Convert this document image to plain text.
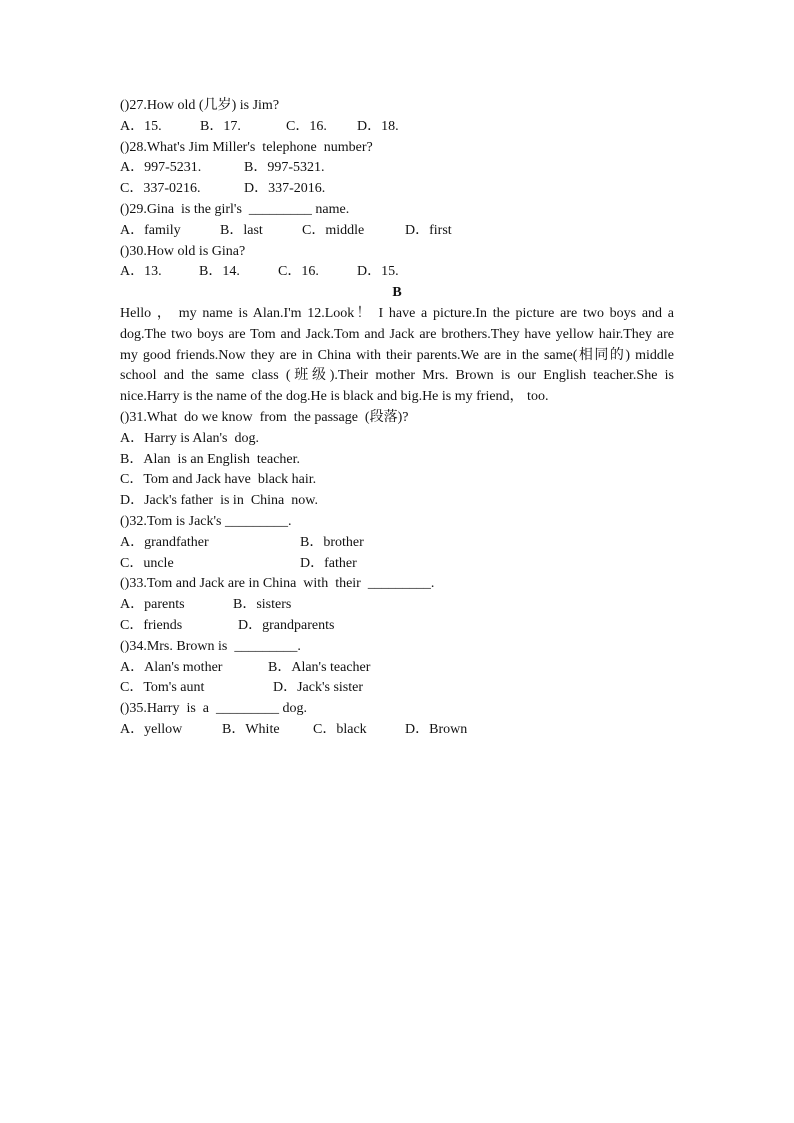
()27.How old (几岁) is Jim?
A．15.	B．17.	C．16.	D．18.
()28.What's Jim Miller's  telephone  number?
A．997-5231.	B．997-5321.
C．337-0216.	D．337-2016.
()29.Gina  is the girl's  _________ name.
A．family	B．last	C．middle	D．first
()30.How old is Gina?
A．13.	B．14.	C．16.	D．15.
B
Hello ， my name is Alan.I'm 12.Look！ I have a picture.In the picture are two boys and a dog.The two boys are Tom and Jack.Tom and Jack are brothers.They have yellow hair.They are my good friends.Now they are in China with their parents.We are in the same(相同的) middle school and the same class (班级).Their mother Mrs. Brown is our English teacher.She is nice.Harry is the name of the dog.He is black and big.He is my friend， too.
()31.What  do we know  from  the passage  (段落)?
A．Harry is Alan's  dog.
B．Alan  is an English  teacher.
C．Tom and Jack have  black hair.
D．Jack's father  is in  China  now.
()32.Tom is Jack's _________.
A．grandfather	B．brother
C．uncle	D．father
()33.Tom and Jack are in China  with  their  _________.
A．parents	B．sisters
C．friends	D．grandparents
()34.Mrs. Brown is  _________.
A．Alan's mother	B．Alan's teacher
C．Tom's aunt	D．Jack's sister
()35.Harry  is  a  _________ dog.
A．yellow	B．White	C．black	D．Brown
